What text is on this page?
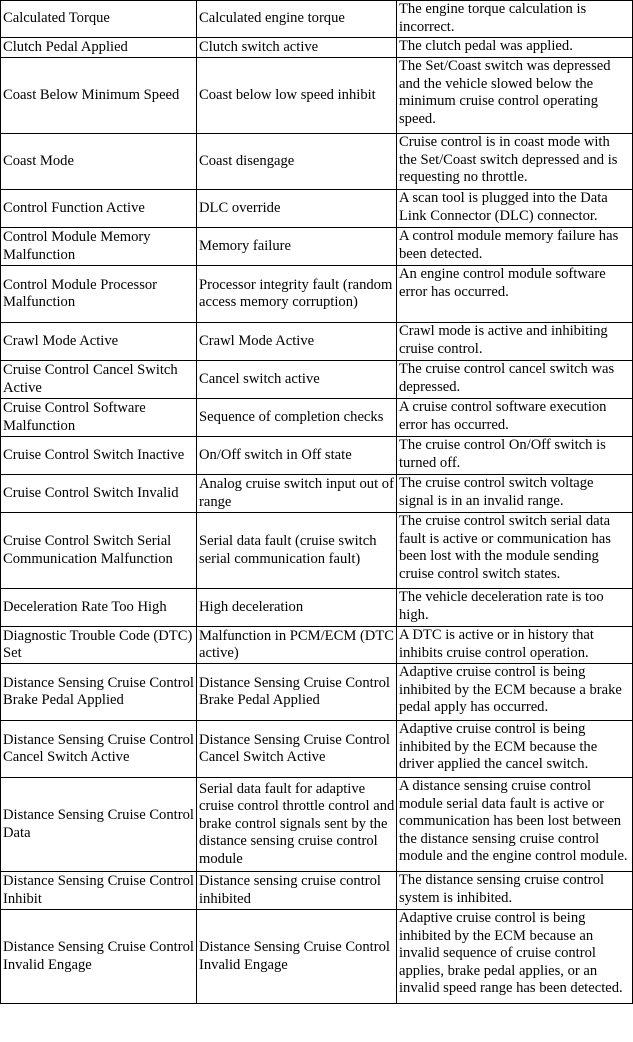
Calculated Torque	Calculated engine torque	The engine torque calculation is incorrect.
Clutch Pedal Applied	Clutch switch active	The clutch pedal was applied.
Coast Below Minimum Speed	Coast below low speed inhibit	The Set/Coast switch was depressed and the vehicle slowed below the minimum cruise control operating speed.
Coast Mode	Coast disengage	Cruise control is in coast mode with the Set/Coast switch depressed and is requesting no throttle.
Control Function Active	DLC override	A scan tool is plugged into the Data Link Connector (DLC) connector.
Control Module Memory Malfunction	Memory failure	A control module memory failure has been detected.
Control Module Processor Malfunction	Processor integrity fault (random access memory corruption)	An engine control module software error has occurred.
Crawl Mode Active	Crawl Mode Active	Crawl mode is active and inhibiting cruise control.
Cruise Control Cancel Switch Active	Cancel switch active	The cruise control cancel switch was depressed.
Cruise Control Software Malfunction	Sequence of completion checks	A cruise control software execution error has occurred.
Cruise Control Switch Inactive	On/Off switch in Off state	The cruise control On/Off switch is turned off.
Cruise Control Switch Invalid	Analog cruise switch input out of range	The cruise control switch voltage signal is in an invalid range.
Cruise Control Switch Serial Communication Malfunction	Serial data fault (cruise switch serial communication fault)	The cruise control switch serial data fault is active or communication has been lost with the module sending cruise control switch states.
Deceleration Rate Too High	High deceleration	The vehicle deceleration rate is too high.
Diagnostic Trouble Code (DTC) Set	Malfunction in PCM/ECM (DTC active)	A DTC is active or in history that inhibits cruise control operation.
Distance Sensing Cruise Control Brake Pedal Applied	Distance Sensing Cruise Control Brake Pedal Applied	Adaptive cruise control is being inhibited by the ECM because a brake pedal apply has occurred.
Distance Sensing Cruise Control Cancel Switch Active	Distance Sensing Cruise Control Cancel Switch Active	Adaptive cruise control is being inhibited by the ECM because the driver applied the cancel switch.
Distance Sensing Cruise Control Data	Serial data fault for adaptive cruise control throttle control and brake control signals sent by the distance sensing cruise control module	A distance sensing cruise control module serial data fault is active or communication has been lost between the distance sensing cruise control module and the engine control module.
Distance Sensing Cruise Control Inhibit	Distance sensing cruise control inhibited	The distance sensing cruise control system is inhibited.
Distance Sensing Cruise Control Invalid Engage	Distance Sensing Cruise Control Invalid Engage	Adaptive cruise control is being inhibited by the ECM because an invalid sequence of cruise control applies, brake pedal applies, or an invalid speed range has been detected.
